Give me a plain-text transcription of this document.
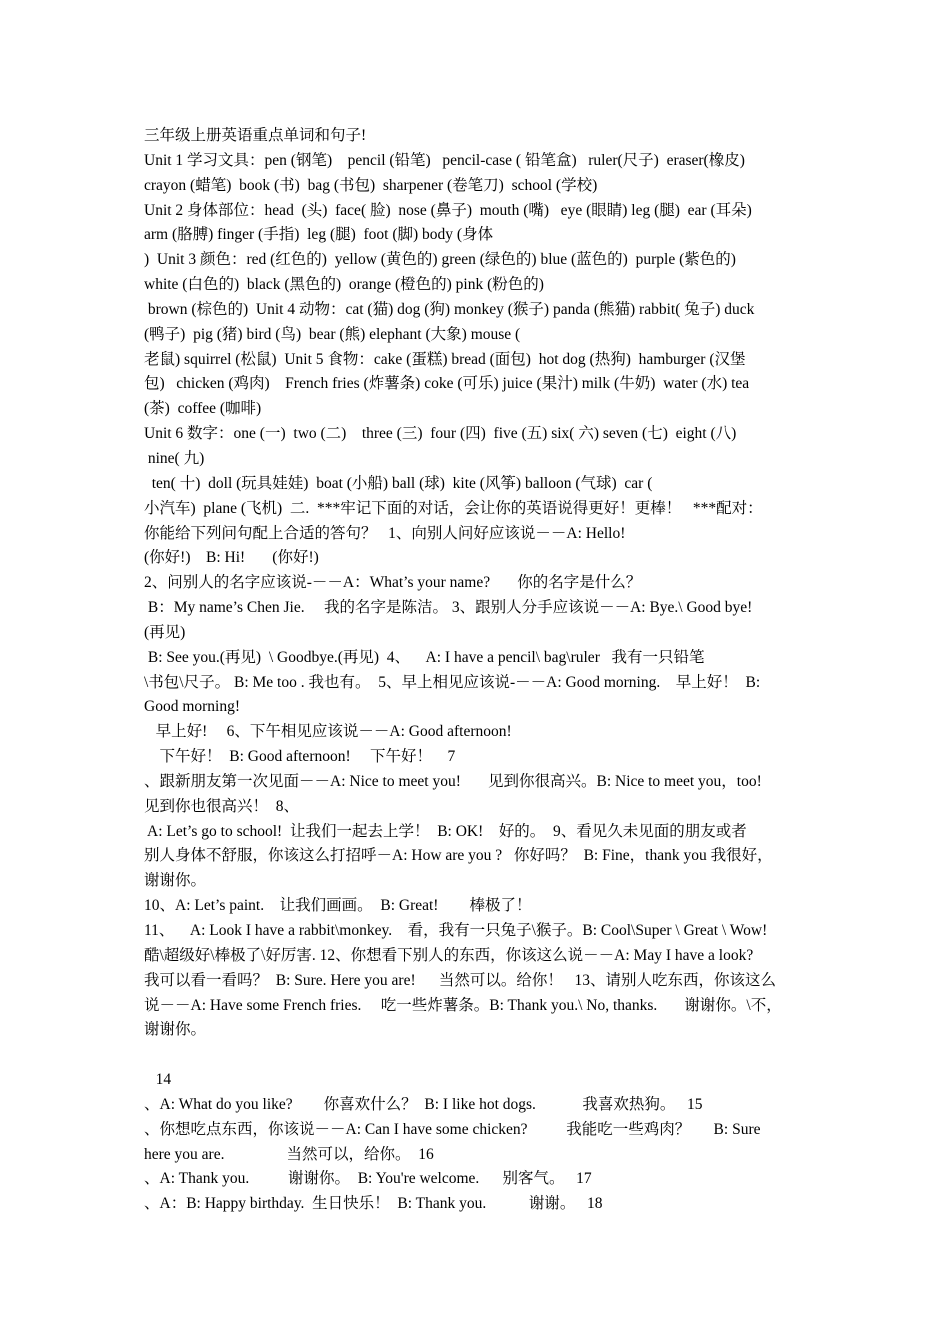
三年级上册英语重点单词和句子!
Unit 1 学习文具：pen (钢笔)    pencil (铅笔)   pencil-case ( 铅笔盒)   ruler(尺子)  eraser(橡皮)
crayon (蜡笔)  book (书)  bag (书包)  sharpener (卷笔刀)  school (学校)
Unit 2 身体部位：head  (头)  face( 脸)  nose (鼻子)  mouth (嘴)   eye (眼睛) leg (腿)  ear (耳朵)
arm (胳膊) finger (手指)  leg (腿)  foot (脚) body (身体
)  Unit 3 颜色：red (红色的)  yellow (黄色的) green (绿色的) blue (蓝色的)  purple (紫色的)
white (白色的)  black (黑色的)  orange (橙色的) pink (粉色的)
brown (棕色的)  Unit 4 动物：cat (猫) dog (狗) monkey (猴子) panda (熊猫) rabbit( 兔子) duck
(鸭子)  pig (猪) bird (鸟)  bear (熊) elephant (大象) mouse (
老鼠) squirrel (松鼠)  Unit 5 食物：cake (蛋糕) bread (面包)  hot dog (热狗)  hamburger (汉堡
包)   chicken (鸡肉)    French fries (炸薯条) coke (可乐) juice (果汁) milk (牛奶)  water (水) tea
(茶)  coffee (咖啡)
Unit 6 数字：one (一)  two (二)    three (三)  four (四)  five (五) six( 六) seven (七)  eight (八)
nine( 九)
ten( 十)  doll (玩具娃娃)  boat (小船) ball (球)  kite (风筝) balloon (气球)  car (
小汽车)  plane (飞机)  二.  ***牢记下面的对话，会让你的英语说得更好！更棒！   ***配对：
你能给下列问句配上合适的答句？   1、向别人问好应该说－－A: Hello!
(你好!)    B: Hi!       (你好!)
2、问别人的名字应该说-－－A：What’s your name?       你的名字是什么？
B：My name’s Chen Jie.     我的名字是陈洁。 3、跟别人分手应该说－－A: Bye.\ Good bye!
(再见)
B: See you.(再见)  \ Goodbye.(再见)  4、    A: I have a pencil\ bag\ruler   我有一只铅笔
\书包\尺子。 B: Me too . 我也有。  5、早上相见应该说-－－A: Good morning.    早上好！  B:
Good morning!
早上好!     6、下午相见应该说－－A: Good afternoon!
下午好！  B: Good afternoon!     下午好！    7
、跟新朋友第一次见面－－A: Nice to meet you!       见到你很高兴。B: Nice to meet you，too!
见到你也很高兴！  8、
A: Let’s go to school!  让我们一起去上学！  B: OK!    好的。  9、看见久未见面的朋友或者
别人身体不舒服，你该这么打招呼－A: How are you ?   你好吗？  B: Fine，thank you 我很好，
谢谢你。
10、A: Let’s paint.    让我们画画。  B: Great!        棒极了！
11、    A: Look I have a rabbit\monkey.    看，我有一只兔子\猴子。B: Cool\Super \ Great \ Wow!
酷\超级好\棒极了\好厉害. 12、你想看下别人的东西，你该这么说－－A: May I have a look?
我可以看一看吗？  B: Sure. Here you are!      当然可以。给你！   13、请别人吃东西，你该这么
说－－A: Have some French fries.     吃一些炸薯条。B: Thank you.\ No, thanks.       谢谢你。\不，
谢谢你。
14
、A: What do you like?        你喜欢什么？  B: I like hot dogs.            我喜欢热狗。   15
、你想吃点东西，你该说－－A: Can I have some chicken?          我能吃一些鸡肉？      B: Sure
here you are.                当然可以，给你。  16
、A: Thank you.          谢谢你。  B: You're welcome.      别客气。   17
、A：B: Happy birthday.  生日快乐！  B: Thank you.           谢谢。   18
